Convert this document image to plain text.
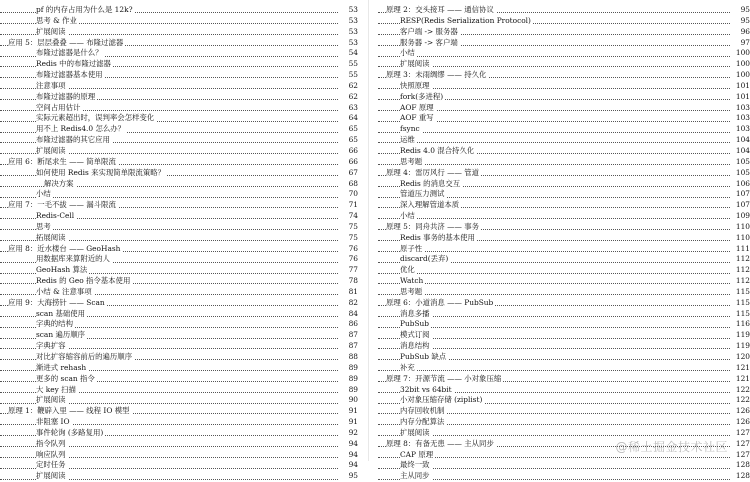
pf 的内存占用为什么是 12k?	53
思考 & 作业	53
扩展阅读	53
应用 5：层层叠叠 —— 布隆过滤器	53
布隆过滤器是什么？	54
Redis 中的布隆过滤器	55
布隆过滤器基本使用	55
注意事项	62
布隆过滤器的原理	62
空间占用估计	63
实际元素超出时，误判率会怎样变化	64
用不上 Redis4.0 怎么办？	65
布隆过滤器的其它应用	65
扩展阅读	66
应用 6：断尾求生 —— 简单限流	66
如何使用 Redis 来实现简单限流策略？	67
解决方案	68
小结	70
应用 7：一毛不拔 —— 漏斗限流	71
Redis-Cell	74
思考	75
拓展阅读	75
应用 8：近水楼台 —— GeoHash	76
用数据库来算附近的人	76
GeoHash 算法	77
Redis 的 Geo 指令基本使用	78
小结 & 注意事项	81
应用 9：大海捞针 —— Scan	82
scan 基础使用	84
字典的结构	86
scan 遍历顺序	87
字典扩容	87
对比扩容缩容前后的遍历顺序	88
渐进式 rehash	89
更多的 scan 指令	89
大 key 扫描	89
扩展阅读	90
原理 1：鞭辟入里 —— 线程 IO 模型	91
非阻塞 IO	91
事件轮询 (多路复用)	92
指令队列	94
响应队列	94
定时任务	94
扩展阅读	95
原理 2：交头接耳 —— 通信协议	95
RESP(Redis Serialization Protocol)	95
客户端 -> 服务器	96
服务器 -> 客户端	97
小结	100
扩展阅读	100
原理 3：未雨绸缪 —— 持久化	100
快照原理	101
fork(多进程)	101
AOF 原理	103
AOF 重写	103
fsync	103
运维	104
Redis 4.0 混合持久化	104
思考题	105
原理 4：雷厉风行 —— 管道	105
Redis 的消息交互	106
管道压力测试	107
深入理解管道本质	107
小结	109
原理 5：同舟共济 —— 事务	110
Redis 事务的基本使用	110
原子性	111
discard(丢弃)	112
优化	112
Watch	112
思考题	115
原理 6：小道消息 —— PubSub	115
消息多播	115
PubSub	116
模式订阅	119
消息结构	119
PubSub 缺点	120
补充	121
原理 7：开源节流 —— 小对象压缩	121
32bit vs 64bit	122
小对象压缩存储 (ziplist)	122
内存回收机制	126
内存分配算法	126
扩展阅读	127
原理 8：有备无患 —— 主从同步	127
CAP 原理	127
最终一致	128
主从同步	128
@稀土掘金技术社区
